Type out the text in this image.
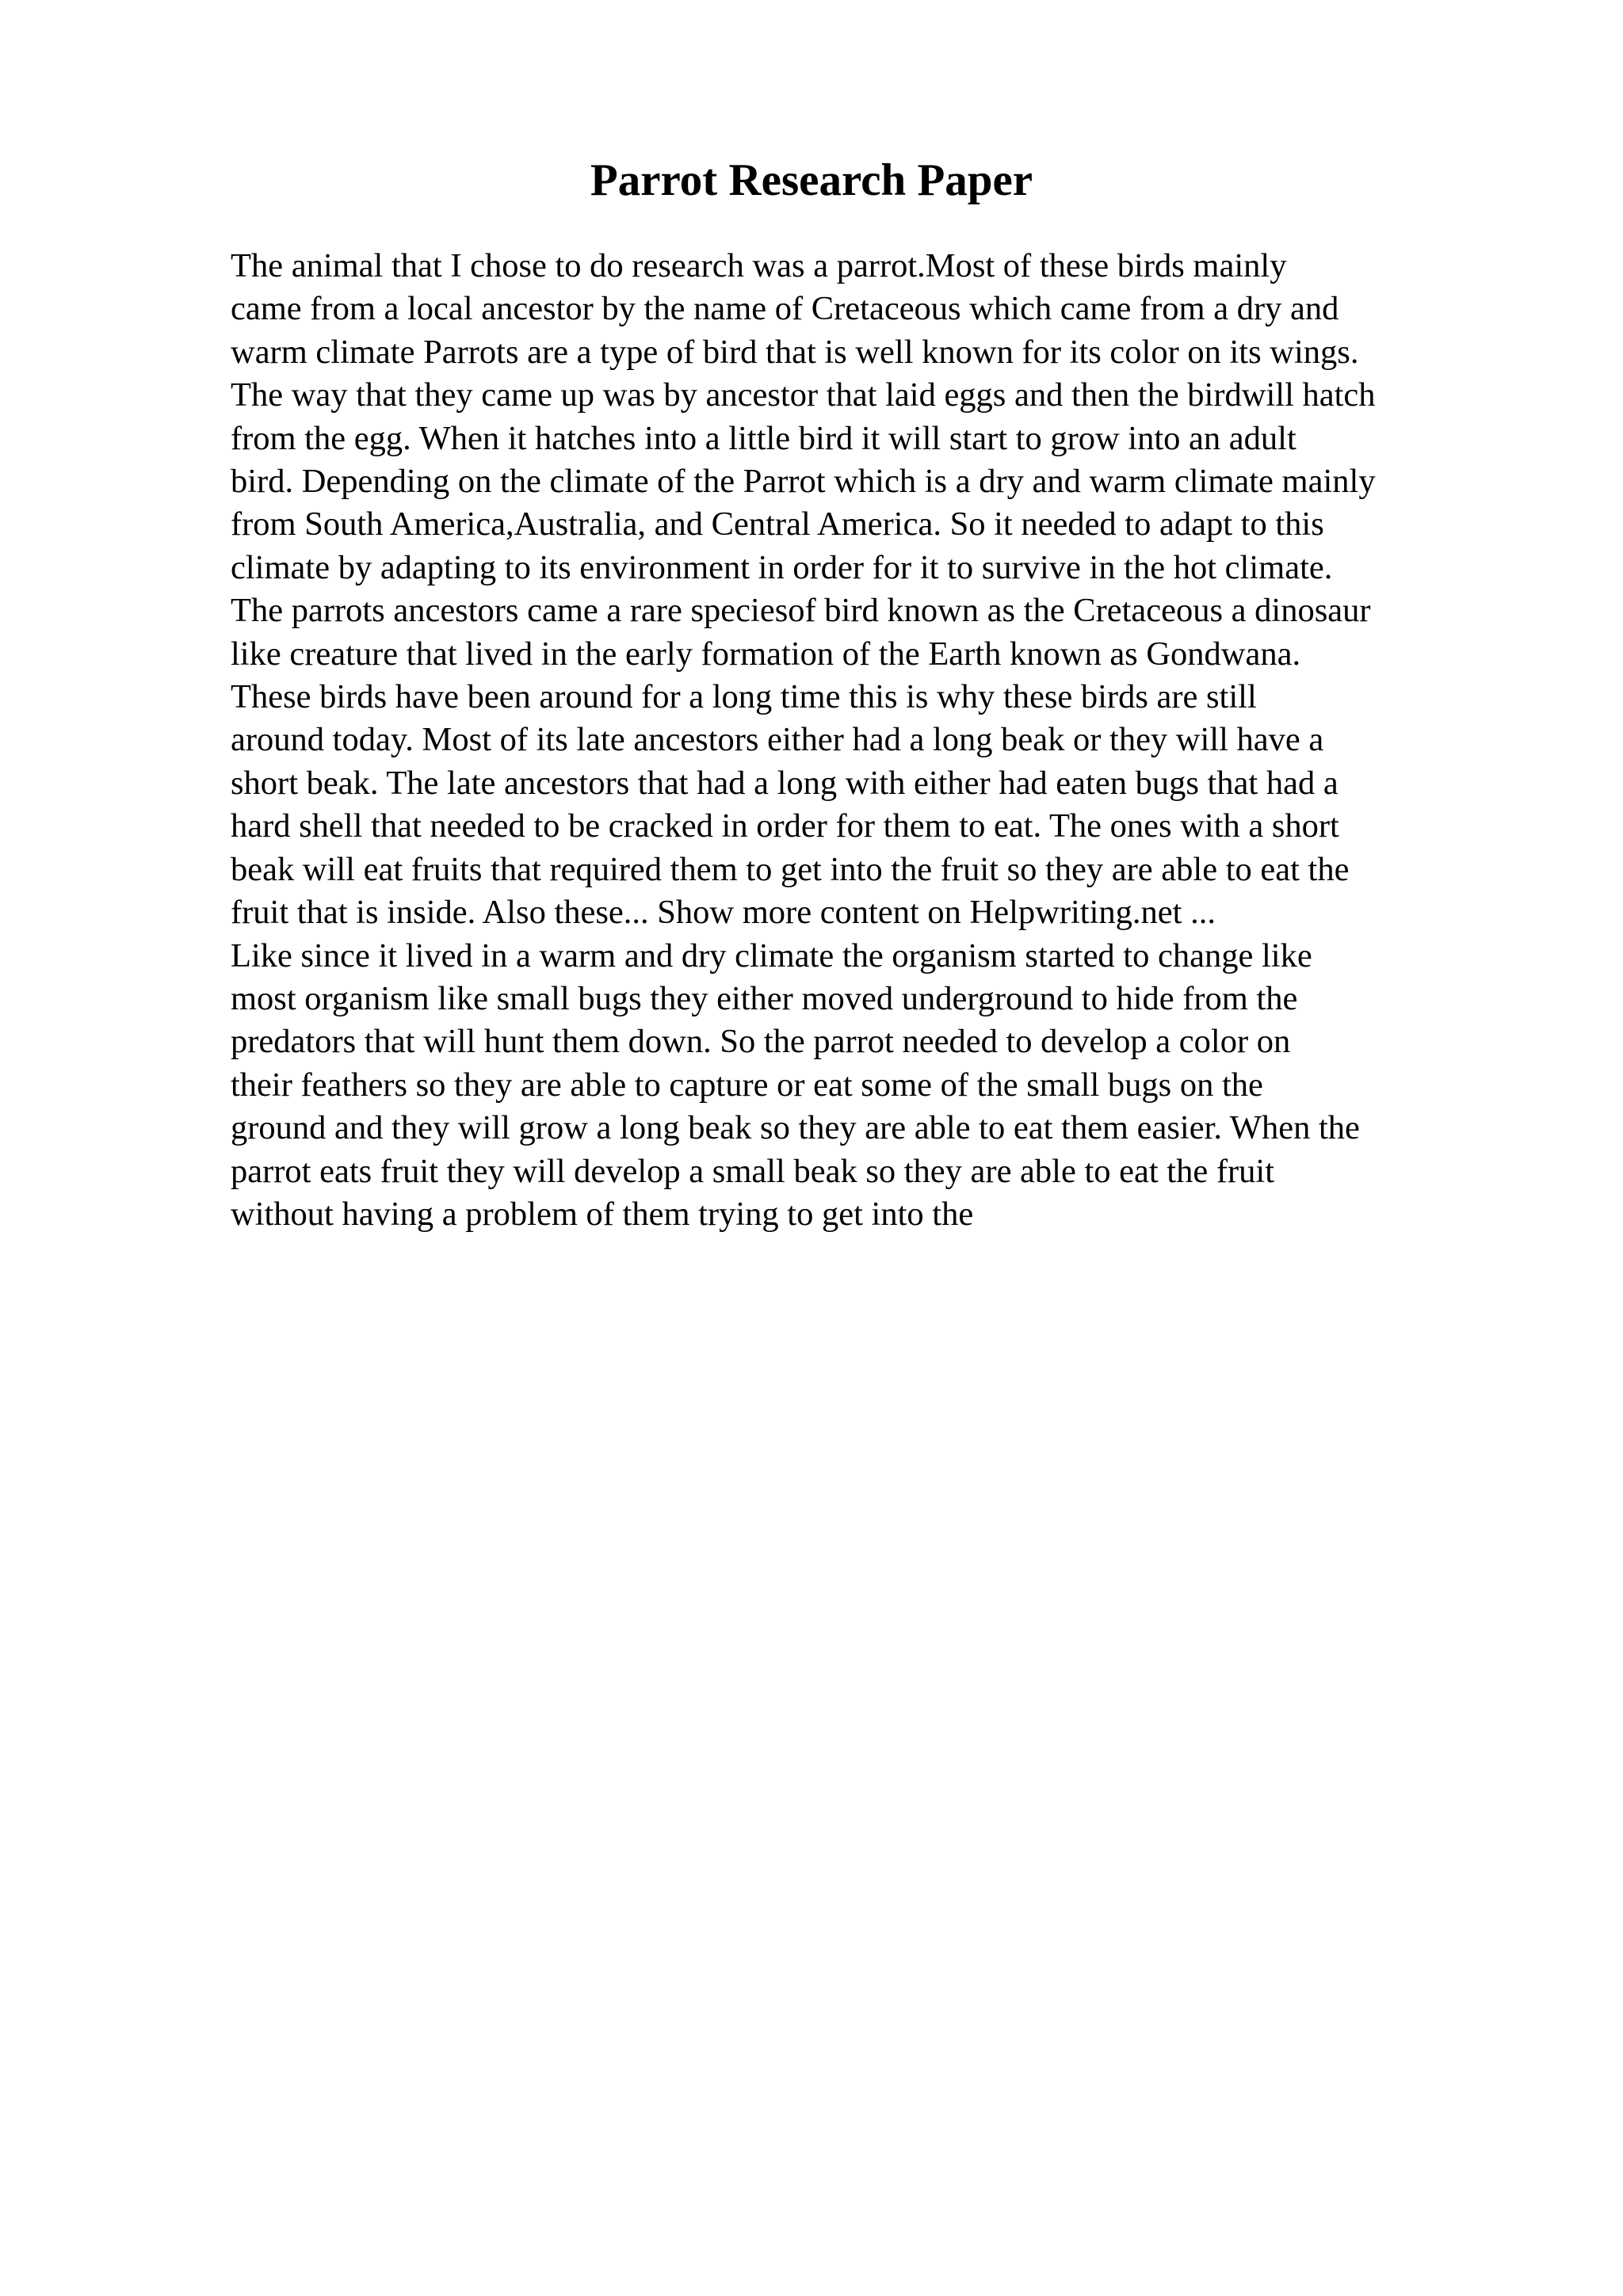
Parrot Research Paper
The animal that I chose to do research was a parrot.Most of these birds mainly
came from a local ancestor by the name of Cretaceous which came from a dry and
warm climate Parrots are a type of bird that is well known for its color on its wings.
The way that they came up was by ancestor that laid eggs and then the birdwill hatch
from the egg. When it hatches into a little bird it will start to grow into an adult
bird. Depending on the climate of the Parrot which is a dry and warm climate mainly
from South America,Australia, and Central America. So it needed to adapt to this
climate by adapting to its environment in order for it to survive in the hot climate.
The parrots ancestors came a rare speciesof bird known as the Cretaceous a dinosaur
like creature that lived in the early formation of the Earth known as Gondwana.
These birds have been around for a long time this is why these birds are still
around today. Most of its late ancestors either had a long beak or they will have a
short beak. The late ancestors that had a long with either had eaten bugs that had a
hard shell that needed to be cracked in order for them to eat. The ones with a short
beak will eat fruits that required them to get into the fruit so they are able to eat the
fruit that is inside. Also these... Show more content on Helpwriting.net ...
Like since it lived in a warm and dry climate the organism started to change like
most organism like small bugs they either moved underground to hide from the
predators that will hunt them down. So the parrot needed to develop a color on
their feathers so they are able to capture or eat some of the small bugs on the
ground and they will grow a long beak so they are able to eat them easier. When the
parrot eats fruit they will develop a small beak so they are able to eat the fruit
without having a problem of them trying to get into the
